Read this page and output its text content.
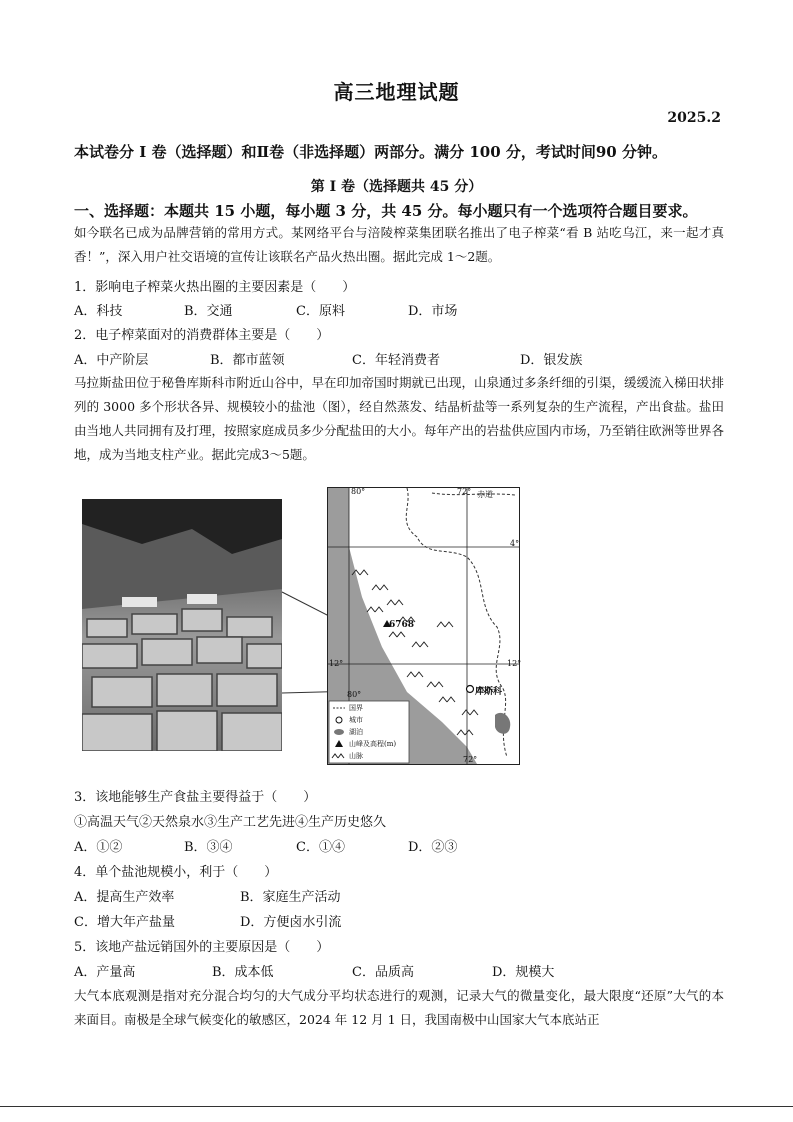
高三地理试题
2025.2
本试卷分 I 卷（选择题）和Ⅱ卷（非选择题）两部分。满分 100 分，考试时间90 分钟。
第 I 卷（选择题共 45 分）
一、选择题：本题共 15 小题，每小题 3 分，共 45 分。每小题只有一个选项符合题目要求。
如今联名已成为品牌营销的常用方式。某网络平台与涪陵榨菜集团联名推出了电子榨菜“看 B 站吃乌江，来一起才真香！”，深入用户社交语境的宣传让该联名产品火热出圈。据此完成 1～2题。
1．影响电子榨菜火热出圈的主要因素是（　　）
A．科技	B．交通	C．原料	D．市场
2．电子榨菜面对的消费群体主要是（　　）
A．中产阶层	B．都市蓝领	C．年轻消费者	D．银发族
马拉斯盐田位于秘鲁库斯科市附近山谷中，早在印加帝国时期就已出现，山泉通过多条纤细的引渠，缓缓流入梯田状排列的 3000 多个形状各异、规模较小的盐池（图），经自然蒸发、结晶析盐等一系列复杂的生产流程，产出食盐。盐田由当地人共同拥有及打理，按照家庭成员多少分配盐田的大小。每年产出的岩盐供应国内市场，乃至销往欧洲等世界各地，成为当地支柱产业。据此完成3～5题。
80°	72° 赤道
4°
12°	12°
80°
72°
6768
库斯科
国界
城市
湖泊
山峰及高程(m)
山脉
3．该地能够生产食盐主要得益于（　　）
①高温天气②天然泉水③生产工艺先进④生产历史悠久
A．①②	B．③④	C．①④	D．②③
4．单个盐池规模小，利于（　　）
A．提高生产效率	B．家庭生产活动
C．增大年产盐量	D．方便卤水引流
5．该地产盐远销国外的主要原因是（　　）
A．产量高	B．成本低	C．品质高	D．规模大
大气本底观测是指对充分混合均匀的大气成分平均状态进行的观测，记录大气的微量变化，最大限度“还原”大气的本来面目。南极是全球气候变化的敏感区，2024 年 12 月 1 日，我国南极中山国家大气本底站正
